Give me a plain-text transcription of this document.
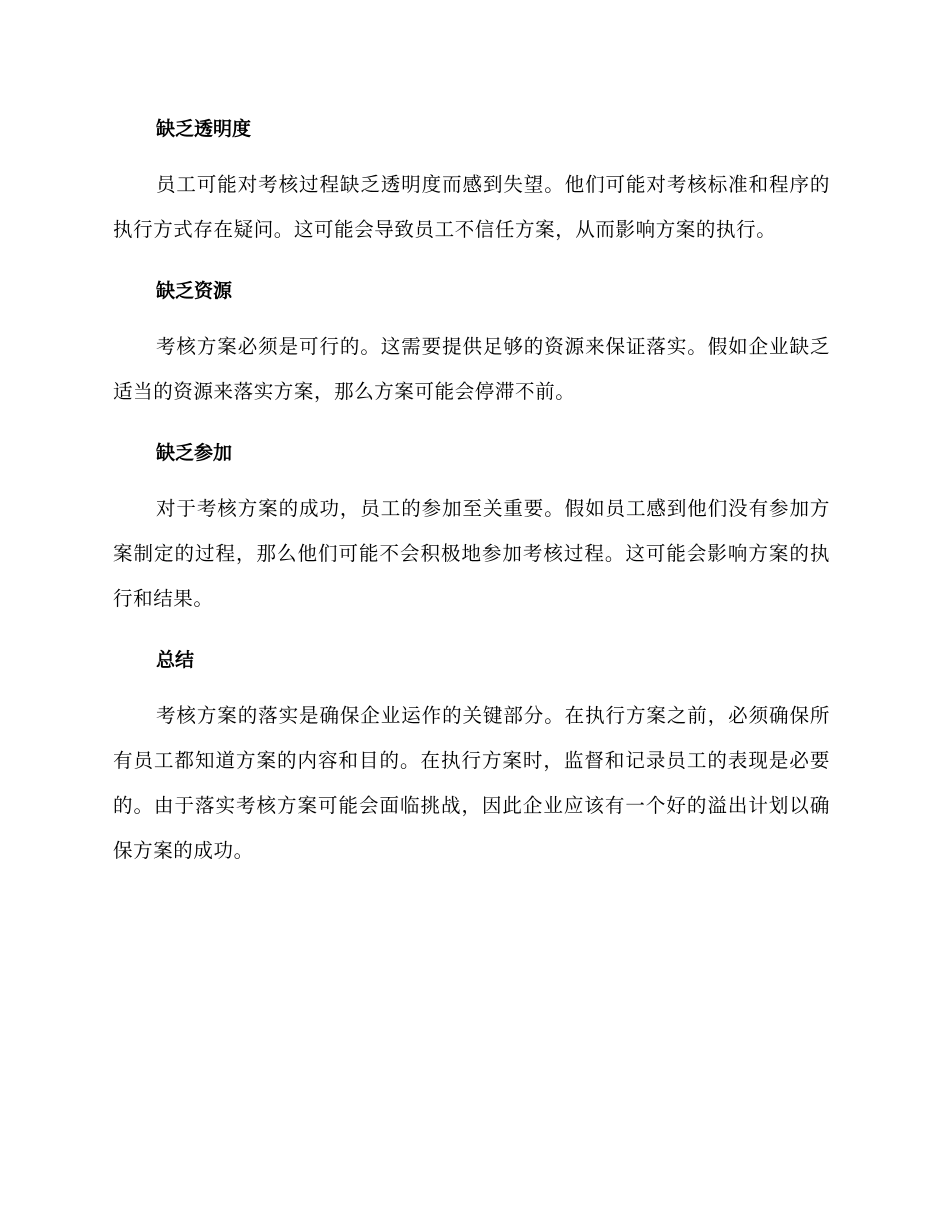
缺乏透明度

员工可能对考核过程缺乏透明度而感到失望。他们可能对考核标准和程序的执行方式存在疑问。这可能会导致员工不信任方案，从而影响方案的执行。

缺乏资源

考核方案必须是可行的。这需要提供足够的资源来保证落实。假如企业缺乏适当的资源来落实方案，那么方案可能会停滞不前。

缺乏参加

对于考核方案的成功，员工的参加至关重要。假如员工感到他们没有参加方案制定的过程，那么他们可能不会积极地参加考核过程。这可能会影响方案的执行和结果。

总结

考核方案的落实是确保企业运作的关键部分。在执行方案之前，必须确保所有员工都知道方案的内容和目的。在执行方案时，监督和记录员工的表现是必要的。由于落实考核方案可能会面临挑战，因此企业应该有一个好的溢出计划以确保方案的成功。
